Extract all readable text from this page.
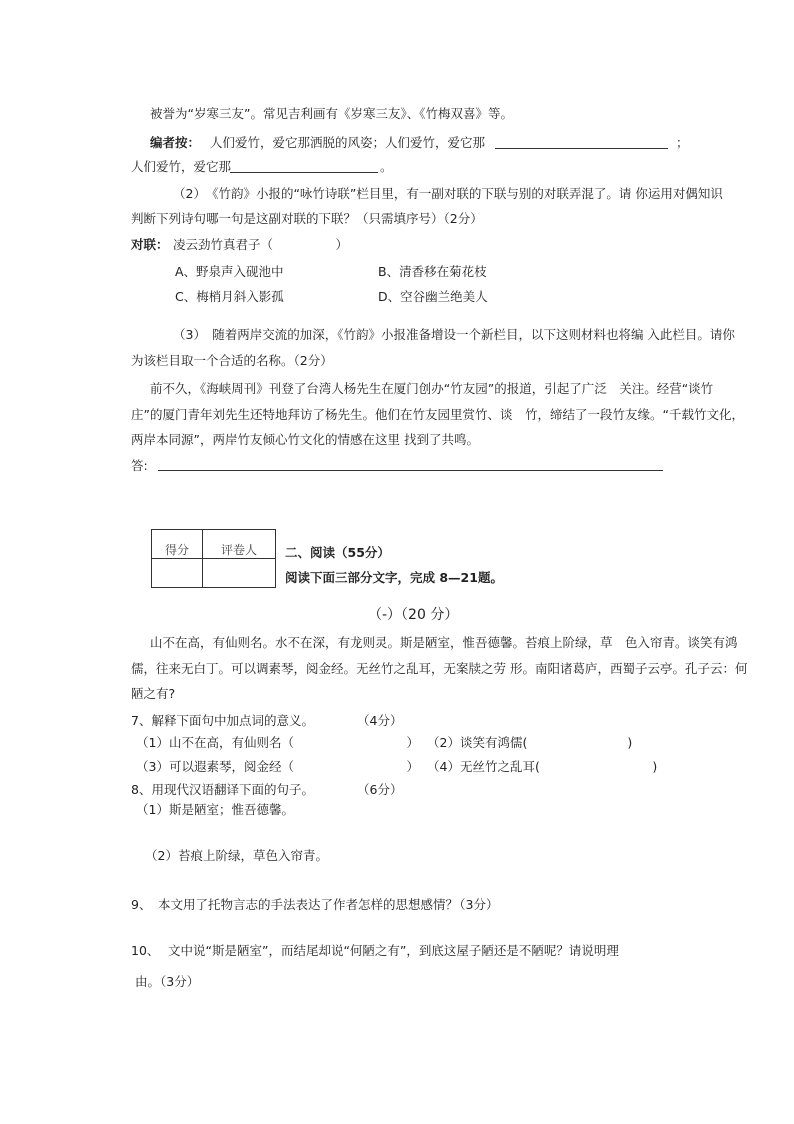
被誉为“岁寒三友”。常见吉利画有《岁寒三友》、《竹梅双喜》等。
编者按： 人们爱竹，爱它那洒脱的风姿；人们爱竹，爱它那	；
人们爱竹，爱它那	。
（2）　《竹韵》小报的“咏竹诗联”栏目里，有一副对联的下联与别的对联弄混了。请 你运用对偶知识
判断下列诗句哪一句是这副对联的下联？（只需填序号）（2分）
对联： 凌云劲竹真君子（　　　　　）
A、野泉声入砚池中	B、清香移在菊花枝
C、梅梢月斜入影孤	D、空谷幽兰绝美人
（3）　随着两岸交流的加深，《竹韵》小报准备增设一个新栏目，以下这则材料也将编 入此栏目。请你
为该栏目取一个合适的名称。（2分）
前不久，《海峡周刊》刊登了台湾人杨先生在厦门创办“竹友园”的报道，引起了广泛　关注。经营“谈竹
庄”的厦门青年刘先生还特地拜访了杨先生。他们在竹友园里赏竹、谈　竹，缔结了一段竹友缘。“千载竹文化，
两岸本同源”，两岸竹友倾心竹文化的情感在这里 找到了共鸣。
答:
得分	评卷人
	二、阅读（55分）
阅读下面三部分文字，完成 8—21题。
（-）（20 分）
山不在高，有仙则名。水不在深，有龙则灵。斯是陋室，惟吾德馨。苔痕上阶绿，草　色入帘青。谈笑有鸿
儒，往来无白丁。可以调素琴，阅金经。无丝竹之乱耳，无案牍之劳 形。南阳诸葛庐，西蜀子云亭。孔子云：何
陋之有?
7、解释下面句中加点词的意义。	（4分）
（1）山不在高，有仙则名（　　　　　　　　　） （2）谈笑有鸿儒(　　　　　　　　)
（3）可以遐素琴，阅金经（　　　　　　　　　） （4）无丝竹之乱耳(　　　　　　　　　)
8、用现代汉语翻译下面的句子。	（6分）
（1）斯是陋室；惟吾德馨。
（2）苔痕上阶绿，草色入帘青。
9、 本文用了托物言志的手法表达了作者怎样的思想感情？
（3分）
10、 文中说“斯是陋室”，而结尾却说“何陋之有”，到底这屋子陋还是不陋呢？请说明理
由。（3分）
